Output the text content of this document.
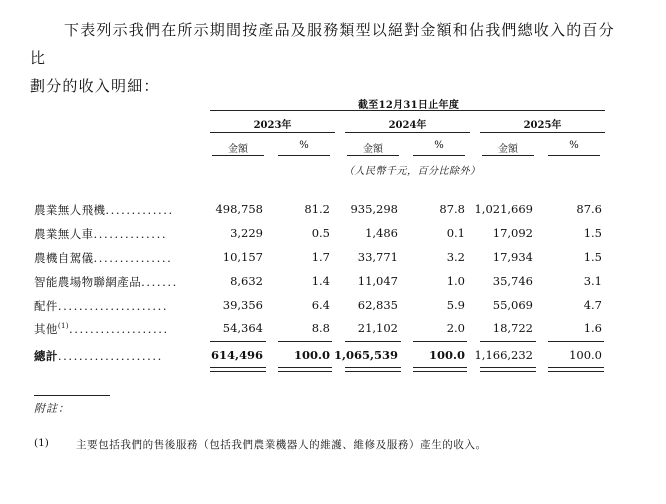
下表列示我們在所示期間按產品及服務類型以絕對金額和佔我們總收入的百分比
劃分的收入明細：
截至12月31日止年度
2023年	2024年	2025年
金額	%	金額	%	金額	%
（人民幣千元，百分比除外）
農業無人飛機.............	498,758	81.2 935,298	87.8 1,021,669	87.6
農業無人車..............	3,229	0.5	1,486	0.1 17,092	1.5
農機自駕儀...............	10,157	1.7 33,771	3.2 17,934	1.5
智能農場物聯網產品.......	8,632	1.4 11,047	1.0 35,746	3.1
配件.....................	39,356	6.4 62,835	5.9 55,069	4.7
其他$^{(1)}$...................	54,364	8.8 21,102	2.0 18,722	1.6
總計....................	614,496	100.0 1,065,539	100.0 1,166,232	100.0
附註：
(1)	主要包括我們的售後服務（包括我們農業機器人的維護、維修及服務）產生的收入。
